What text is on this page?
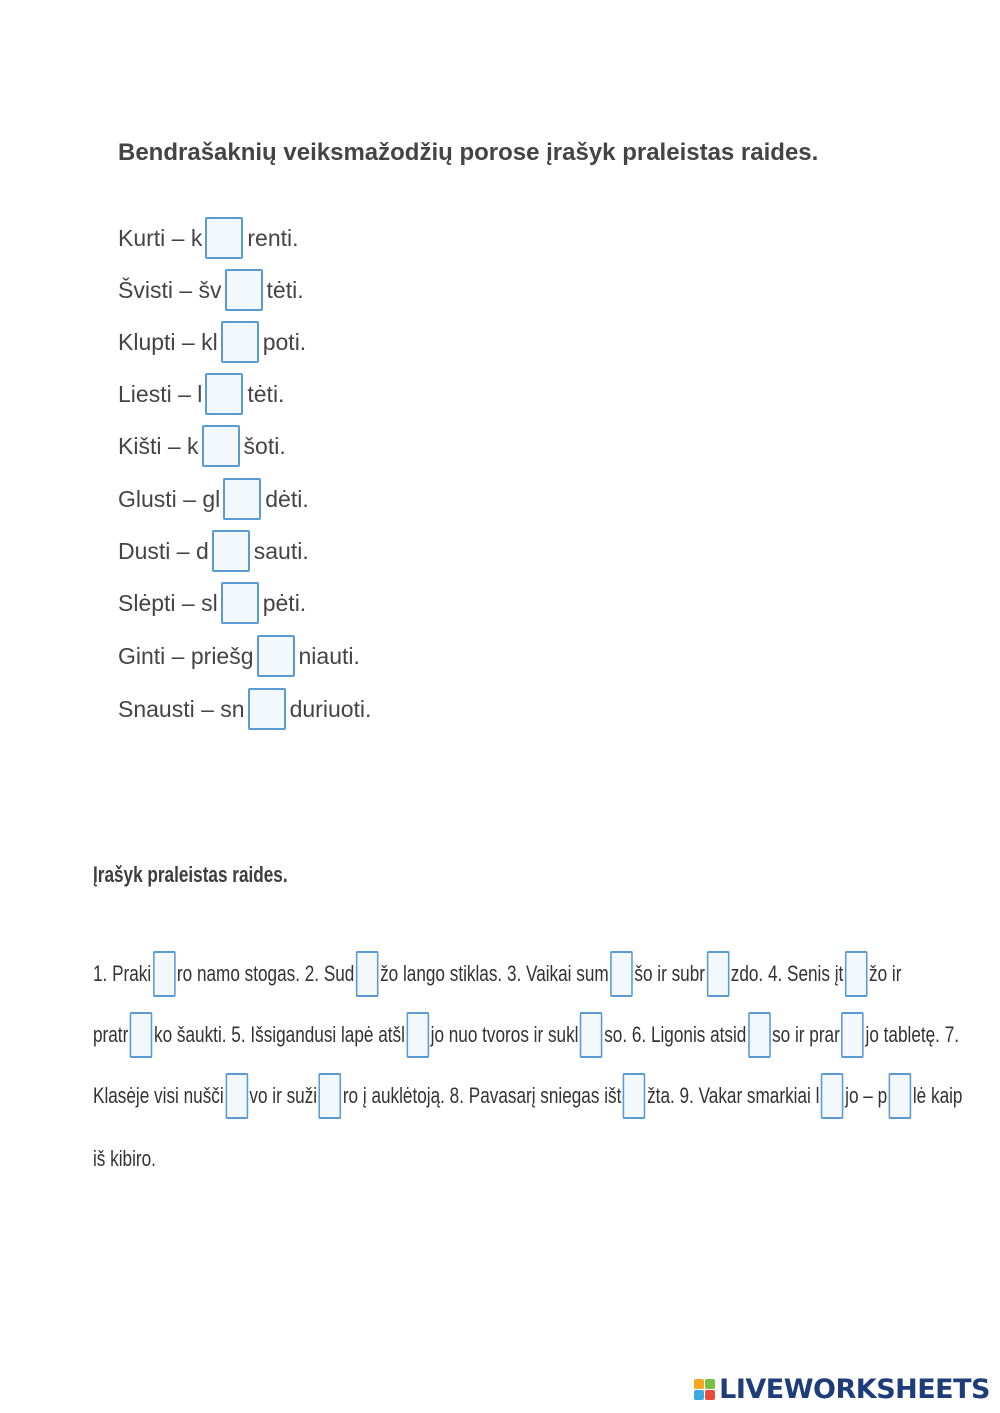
Bendrašaknių veiksmažodžių porose įrašyk praleistas raides.
Kurti – k renti.
Švisti – šv tėti.
Klupti – kl poti.
Liesti – l tėti.
Kišti – k šoti.
Glusti – gl dėti.
Dusti – d sauti.
Slėpti – sl pėti.
Ginti – priešg niauti.
Snausti – sn duriuoti.
Įrašyk praleistas raides.
1. Praki ro namo stogas. 2. Sud žo lango stiklas. 3. Vaikai sum šo ir subr zdo. 4. Senis įt žo ir
pratr ko šaukti. 5. Išsigandusi lapė atšl jo nuo tvoros ir sukl so. 6. Ligonis atsid so ir prar jo tabletę. 7.
Klasėje visi nušči vo ir suži ro į auklėtoją. 8. Pavasarį sniegas išt žta. 9. Vakar smarkiai l jo – p lė kaip
iš kibiro.
LIVEWORKSHEETS
